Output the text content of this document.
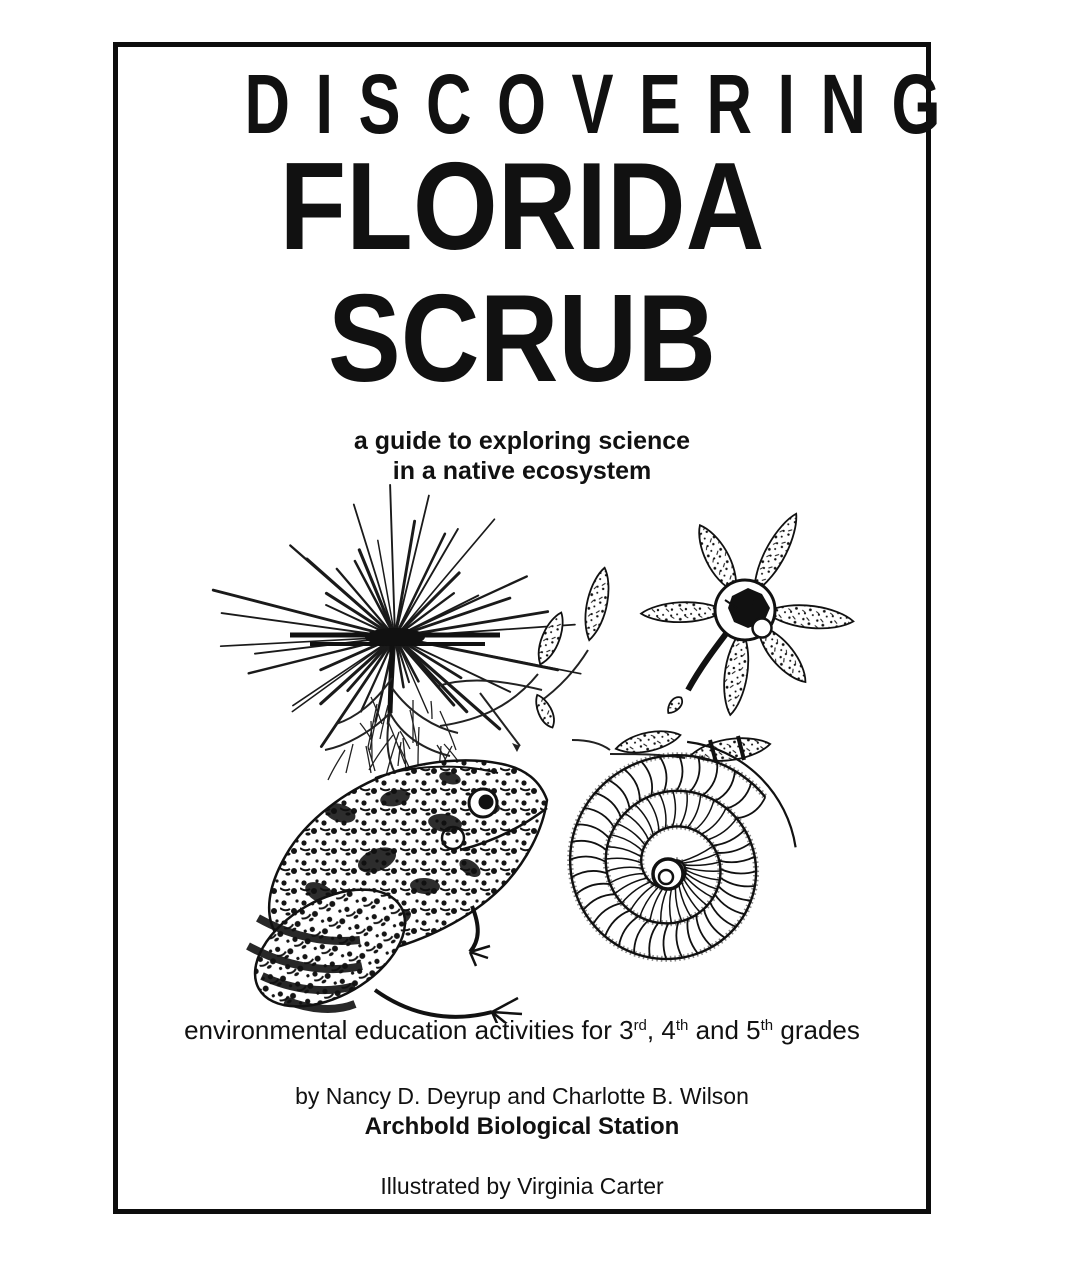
DISCOVERING
FLORIDA
SCRUB
a guide to exploring science
in a native ecosystem
environmental education activities for 3rd, 4th and 5th grades
by Nancy D. Deyrup and Charlotte B. Wilson
Archbold Biological Station
Illustrated by Virginia Carter
